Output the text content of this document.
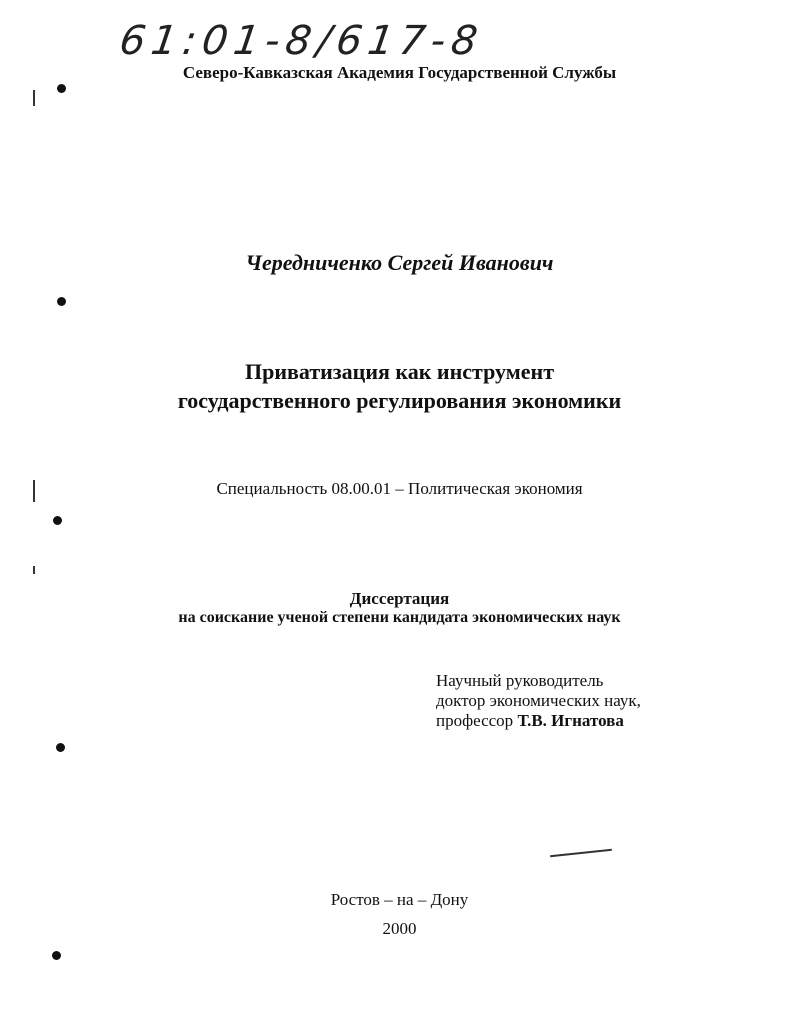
61:01-8/617-8
Северо-Кавказская Академия Государственной Службы
Чередниченко Сергей Иванович
Приватизация как инструмент
государственного регулирования экономики
Специальность 08.00.01 – Политическая экономия
Диссертация
на соискание ученой степени кандидата экономических наук
Научный руководитель
доктор экономических наук,
профессор Т.В. Игнатова
Ростов – на – Дону
2000
